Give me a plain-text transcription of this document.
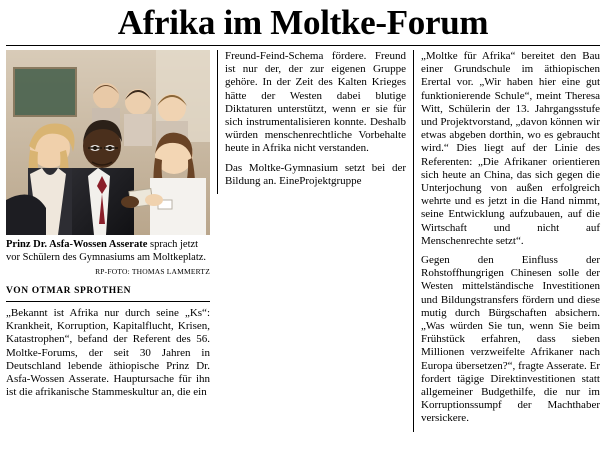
Afrika im Moltke-Forum
Prinz Dr. Asfa-Wossen Asserate sprach jetzt vor Schülern des Gymnasiums am Moltkeplatz.
RP-FOTO: THOMAS LAMMERTZ
VON OTMAR SPROTHEN

„Bekannt ist Afrika nur durch seine „Ks“: Krankheit, Korruption, Kapitalflucht, Krisen, Katastrophen“, befand der Referent des 56. Moltke-Forums, der seit 30 Jahren in Deutschland lebende äthiopische Prinz Dr. Asfa-Wossen Asserate. Hauptursache für ihn ist die afrikanische Stammeskultur an, die ein

Freund-Feind-Schema fördere. Freund ist nur der, der zur eigenen Gruppe gehöre. In der Zeit des Kalten Krieges hätte der Westen dabei blutige Diktaturen unterstützt, wenn er sie für sich instrumentalisieren konnte. Deshalb würden menschenrechtliche Vorbehalte heute in Afrika nicht verstanden.

Das Moltke-Gymnasium setzt bei der Bildung an. EineProjektgruppe

„Moltke für Afrika“ bereitet den Bau einer Grundschule im äthiopischen Erertal vor. „Wir haben hier eine gut funktionierende Schule“, meint Theresa Witt, Schülerin der 13. Jahrgangsstufe und Projektvorstand, „davon können wir etwas abgeben dorthin, wo es gebraucht wird.“ Dies liegt auf der Linie des Referenten: „Die Afrikaner orientieren sich heute an China, das sich gegen die Unterjochung von außen erfolgreich wehrte und es jetzt in die Hand nimmt, seine Entwicklung aufzubauen, auf die Wirtschaft und nicht auf Menschenrechte setzt“.

Gegen den Einfluss der Rohstoffhungrigen Chinesen solle der Westen mittelständische Investitionen und Bildungstransfers fördern und diese mutig durch Bürgschaften absichern. „Was würden Sie tun, wenn Sie beim Frühstück erfahren, dass sieben Millionen verzweifelte Afrikaner nach Europa übersetzen?“, fragte Asserate. Er fordert tägige Direktinvestitionen statt allgemeiner Budgethilfe, die nur im Korruptionssumpf der Machthaber versickere.
